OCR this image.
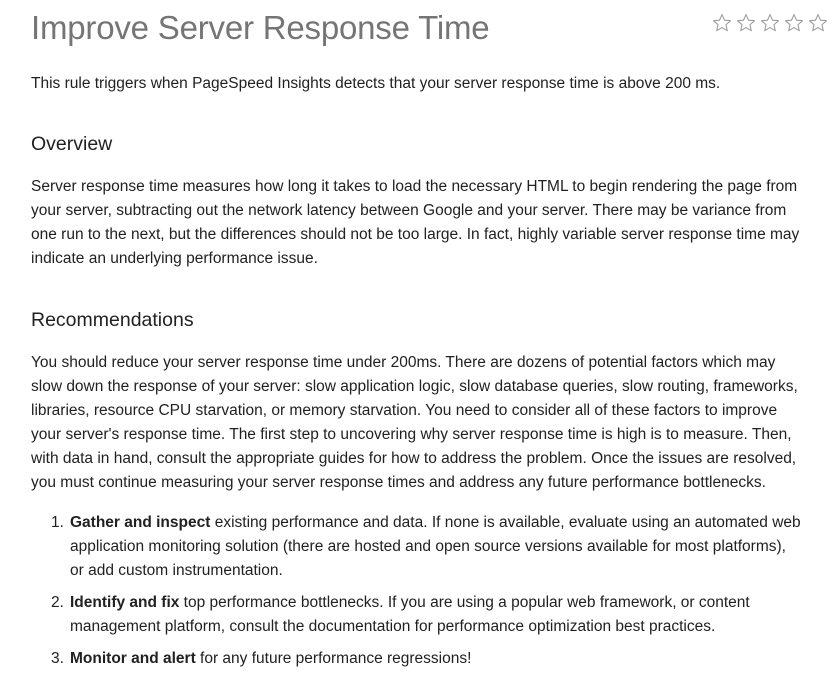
Improve Server Response Time

This rule triggers when PageSpeed Insights detects that your server response time is above 200 ms.

Overview

Server response time measures how long it takes to load the necessary HTML to begin rendering the page from
your server, subtracting out the network latency between Google and your server. There may be variance from
one run to the next, but the differences should not be too large. In fact, highly variable server response time may
indicate an underlying performance issue.

Recommendations

You should reduce your server response time under 200ms. There are dozens of potential factors which may
slow down the response of your server: slow application logic, slow database queries, slow routing, frameworks,
libraries, resource CPU starvation, or memory starvation. You need to consider all of these factors to improve
your server's response time. The first step to uncovering why server response time is high is to measure. Then,
with data in hand, consult the appropriate guides for how to address the problem. Once the issues are resolved,
you must continue measuring your server response times and address any future performance bottlenecks.

1. Gather and inspect existing performance and data. If none is available, evaluate using an automated web
application monitoring solution (there are hosted and open source versions available for most platforms),
or add custom instrumentation.
2. Identify and fix top performance bottlenecks. If you are using a popular web framework, or content
management platform, consult the documentation for performance optimization best practices.
3. Monitor and alert for any future performance regressions!
